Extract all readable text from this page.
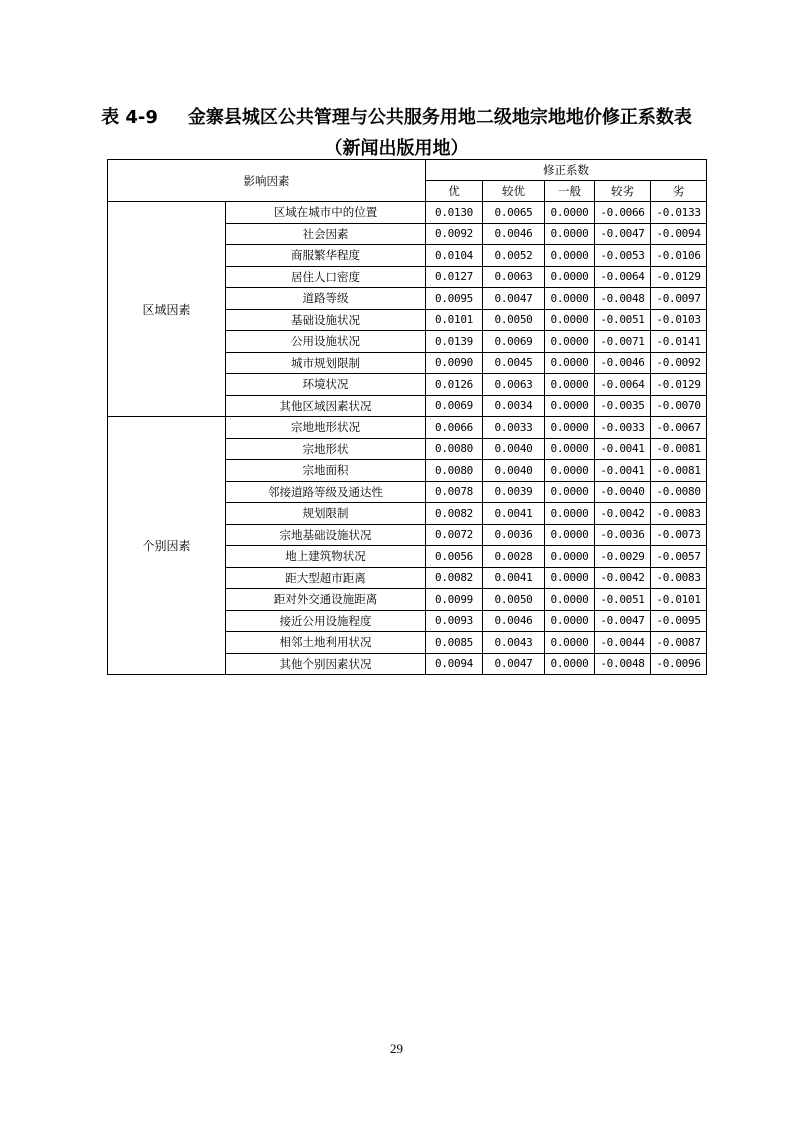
表 4-9 金寨县城区公共管理与公共服务用地二级地宗地地价修正系数表
（新闻出版用地）
影响因素		修正系数				
		优	较优	一般	较劣	劣
区域因素	区域在城市中的位置	0.0130	0.0065	0.0000	-0.0066	-0.0133
	社会因素	0.0092	0.0046	0.0000	-0.0047	-0.0094
	商服繁华程度	0.0104	0.0052	0.0000	-0.0053	-0.0106
	居住人口密度	0.0127	0.0063	0.0000	-0.0064	-0.0129
	道路等级	0.0095	0.0047	0.0000	-0.0048	-0.0097
	基础设施状况	0.0101	0.0050	0.0000	-0.0051	-0.0103
	公用设施状况	0.0139	0.0069	0.0000	-0.0071	-0.0141
	城市规划限制	0.0090	0.0045	0.0000	-0.0046	-0.0092
	环境状况	0.0126	0.0063	0.0000	-0.0064	-0.0129
	其他区域因素状况	0.0069	0.0034	0.0000	-0.0035	-0.0070
个别因素	宗地地形状况	0.0066	0.0033	0.0000	-0.0033	-0.0067
	宗地形状	0.0080	0.0040	0.0000	-0.0041	-0.0081
	宗地面积	0.0080	0.0040	0.0000	-0.0041	-0.0081
	邻接道路等级及通达性	0.0078	0.0039	0.0000	-0.0040	-0.0080
	规划限制	0.0082	0.0041	0.0000	-0.0042	-0.0083
	宗地基础设施状况	0.0072	0.0036	0.0000	-0.0036	-0.0073
	地上建筑物状况	0.0056	0.0028	0.0000	-0.0029	-0.0057
	距大型超市距离	0.0082	0.0041	0.0000	-0.0042	-0.0083
	距对外交通设施距离	0.0099	0.0050	0.0000	-0.0051	-0.0101
	接近公用设施程度	0.0093	0.0046	0.0000	-0.0047	-0.0095
	相邻土地利用状况	0.0085	0.0043	0.0000	-0.0044	-0.0087
	其他个别因素状况	0.0094	0.0047	0.0000	-0.0048	-0.0096
29
